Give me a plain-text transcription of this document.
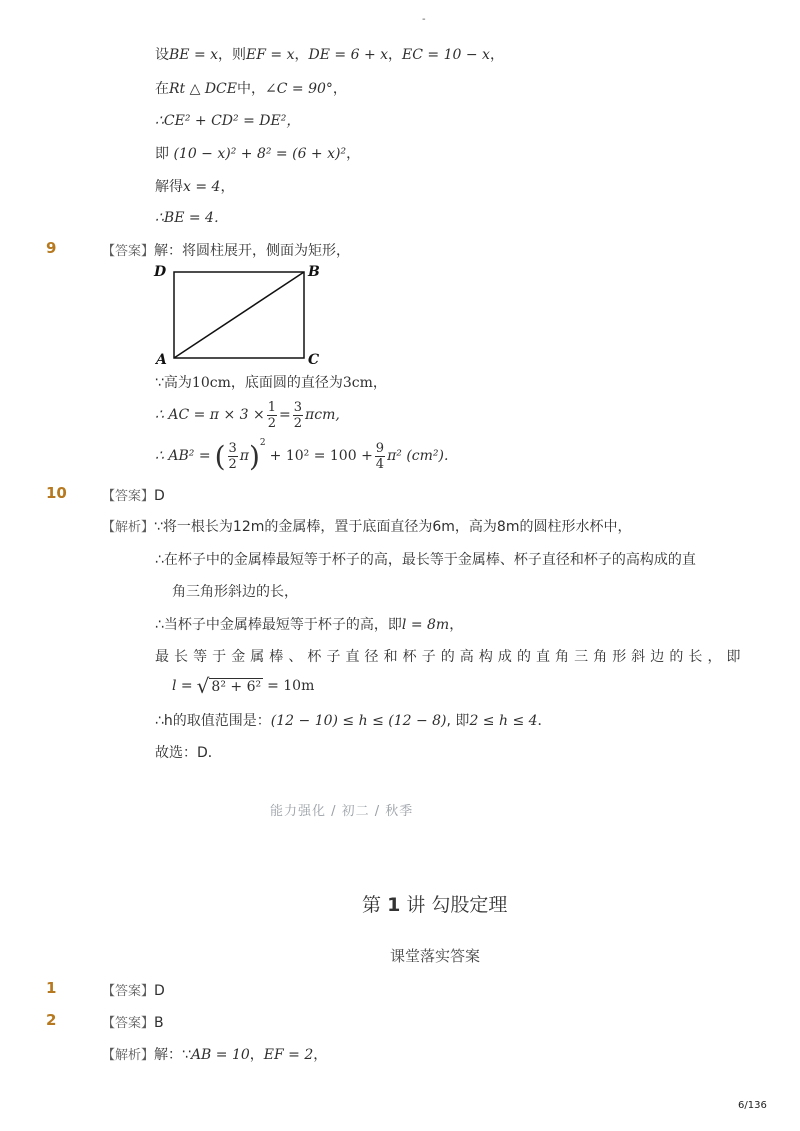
-
设BE = x，则EF = x，DE = 6 + x，EC = 10 − x，
在Rt △ DCE中，∠C = 90°，
∴CE² + CD² = DE²，
即 (10 − x)² + 8² = (6 + x)²，
解得x = 4，
∴BE = 4．
9	【答案】解：将圆柱展开，侧面为矩形，
D	B
A	C
∵高为10cm，底面圆的直径为3cm，
∴ AC = $\pi \times 3 \times \frac{1}{2} = \frac{3}{2} \pi cm$,
∴ AB² = ( $\frac{3}{2}$ π ) 2
+ $10^2 = 100 + \frac{9}{4} \pi^2$ (cm²).
10	【答案】D
【解析】∵将一根长为12m的金属棒，置于底面直径为6m，高为8m的圆柱形水杯中，
∴在杯子中的金属棒最短等于杯子的高，最长等于金属棒、杯子直径和杯子的高构成的直
角三角形斜边的长，
∴当杯子中金属棒最短等于杯子的高，即l = 8m，
最 长 等 于 金 属 棒 、 杯 子 直 径 和 杯 子 的 高 构 成 的 直 角 三 角 形 斜 边 的 长 ， 即
l = √ 8² + 6² = 10m
∴h的取值范围是：(12 − 10) ≤ h ≤ (12 − 8), 即2 ≤ h ≤ 4．
故选：D．
能力强化 / 初二 / 秋季
第 1 讲 勾股定理
课堂落实答案
1	【答案】D
2	【答案】B
【解析】解：∵AB = 10，EF = 2，
6/136
